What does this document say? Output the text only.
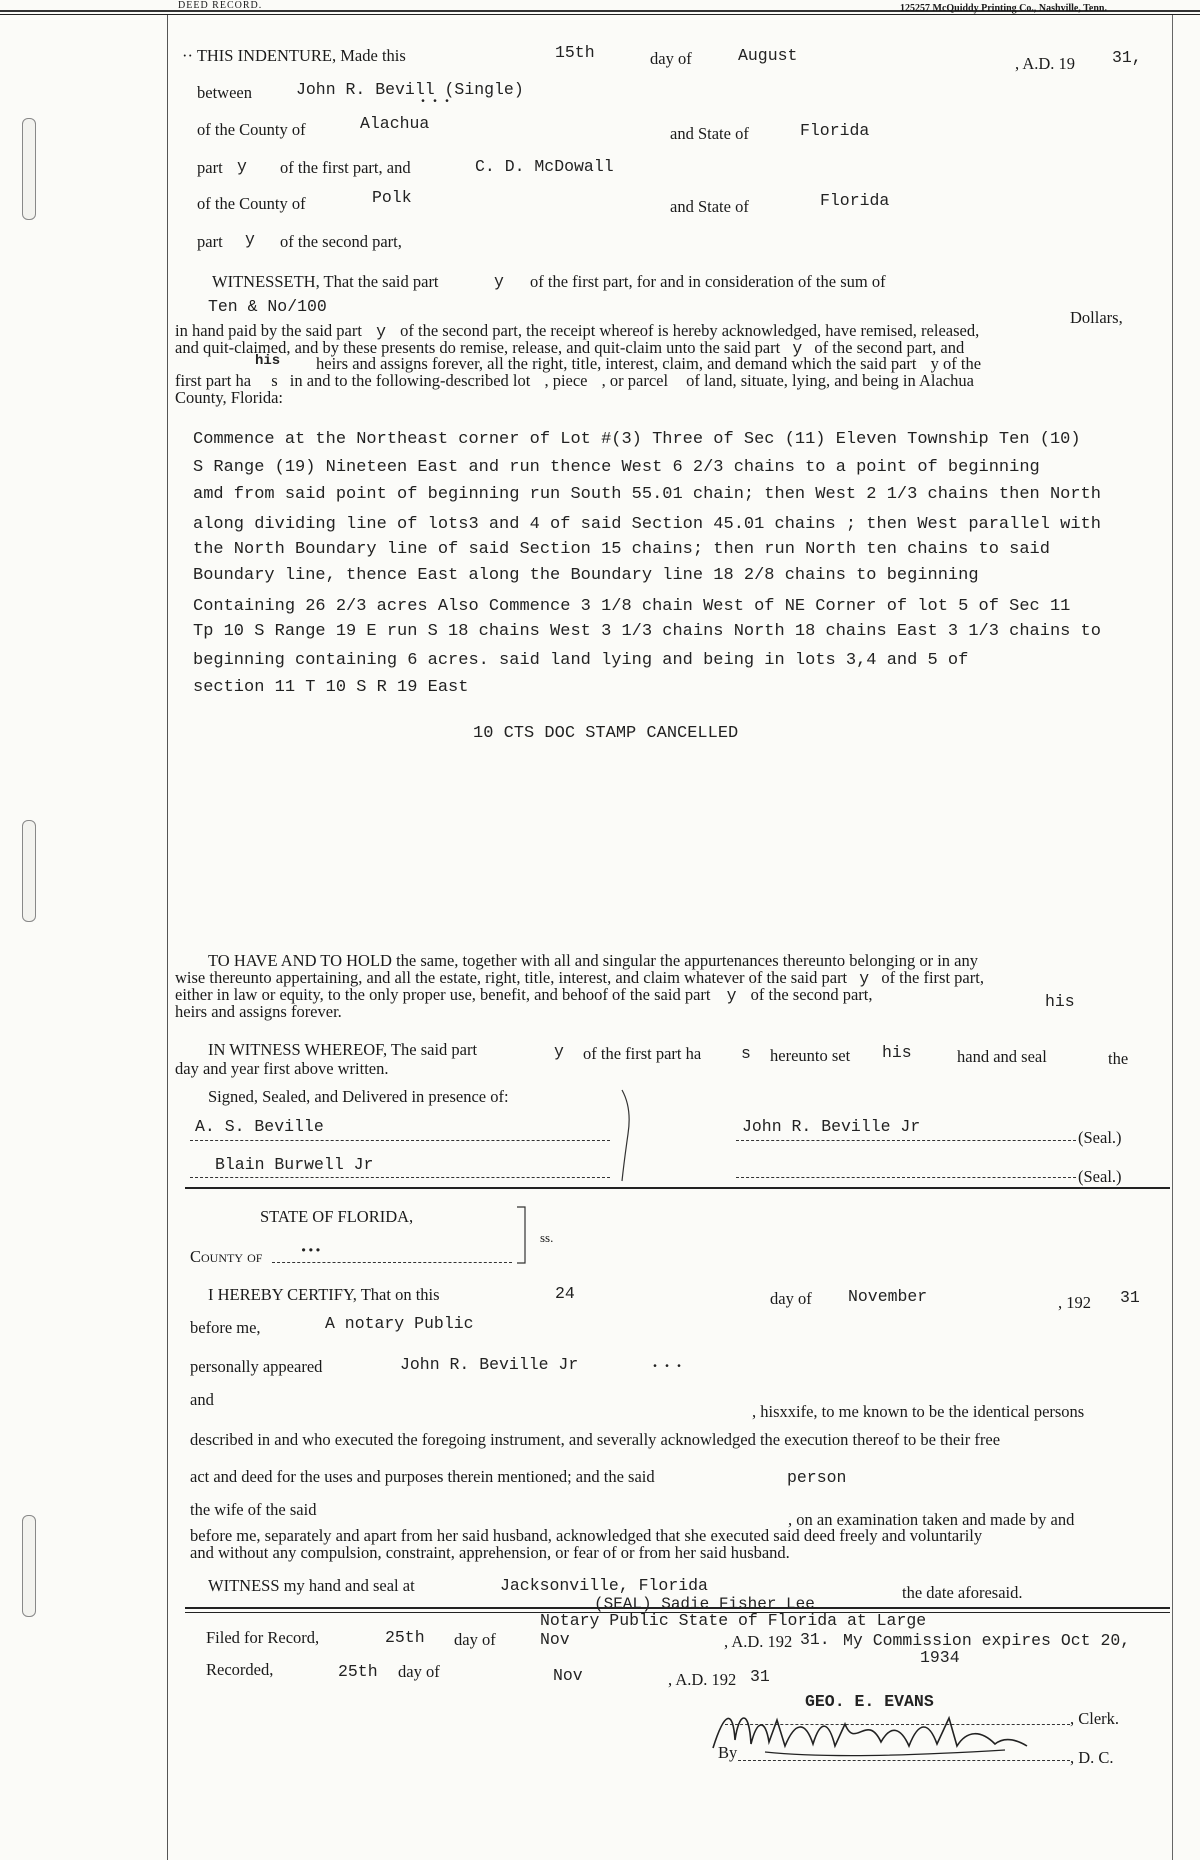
DEED RECORD.	125257 McQuiddy Printing Co., Nashville, Tenn.
·· THIS INDENTURE, Made this	15th	day of	August	, A.D. 19 31,
between	John R. Bevill (Single)
• • •
of the County of	Alachua
and State of	Florida
part y of the first part, and	C. D. McDowall
of the County of	Polk	and State of	Florida
part y of the second part,
WITNESSETH, That the said part	y of the first part, for and in consideration of the sum of
Ten & No/100
Dollars,
in hand paid by the said part y of the second part, the receipt whereof is hereby acknowledged, have remised, released,
and quit-claimed, and by these presents do remise, release, and quit-claim unto the said part y of the second part, and
his heirs and assigns forever, all the right, title, interest, claim, and demand which the said part y of the
first part ha s in and to the following-described lot , piece , or parcel of land, situate, lying, and being in Alachua
County, Florida:
Commence at the Northeast corner of Lot #(3) Three of Sec (11) Eleven Township Ten (10)
S Range (19) Nineteen East and run thence West 6 2/3 chains to a point of beginning
amd from said point of beginning run South 55.01 chain; then West 2 1/3 chains then North
along dividing line of lots3 and 4 of said Section 45.01 chains ; then West parallel with
the North Boundary line of said Section 15 chains; then run North ten chains to said
Boundary line, thence East along the Boundary line 18 2/8 chains to beginning
Containing 26 2/3 acres Also Commence 3 1/8 chain West of NE Corner of lot 5 of Sec 11
Tp 10 S Range 19 E run S 18 chains West 3 1/3 chains North 18 chains East 3 1/3 chains to
beginning containing 6 acres. said land lying and being in lots 3,4 and 5 of
section 11 T 10 S R 19 East
10 CTS DOC STAMP CANCELLED
TO HAVE AND TO HOLD the same, together with all and singular the appurtenances thereunto belonging or in any
wise thereunto appertaining, and all the estate, right, title, interest, and claim whatever of the said part y of the first part,
either in law or equity, to the only proper use, benefit, and behoof of the said part y of the second part,	his
heirs and assigns forever.
IN WITNESS WHEREOF, The said part	y of the first part ha s hereunto set his	hand and seal	the
day and year first above written.
Signed, Sealed, and Delivered in presence of:
A. S. Beville
Blain Burwell Jr
John R. Beville Jr
(Seal.)
(Seal.)
STATE OF FLORIDA,
ss.
County of	•••
I HEREBY CERTIFY, That on this	24	day of November	, 192 31
before me,	A notary Public
personally appeared	John R. Beville Jr	• • •
and
, hisxxife, to me known to be the identical persons
described in and who executed the foregoing instrument, and severally acknowledged the execution thereof to be their free
act and deed for the uses and purposes therein mentioned; and the said	person
the wife of the said
, on an examination taken and made by and
before me, separately and apart from her said husband, acknowledged that she executed said deed freely and voluntarily
and without any compulsion, constraint, apprehension, or fear of or from her said husband.
WITNESS my hand and seal at	Jacksonville, Florida	the date aforesaid.
(SEAL) Sadie Fisher Lee
Notary Public State of Florida at Large
My Commission expires Oct 20,
1934
Filed for Record,	25th day of	Nov	, A.D. 192 31.
Recorded,	25th day of	Nov	, A.D. 192 31
GEO. E. EVANS
, Clerk.
By	, D. C.
